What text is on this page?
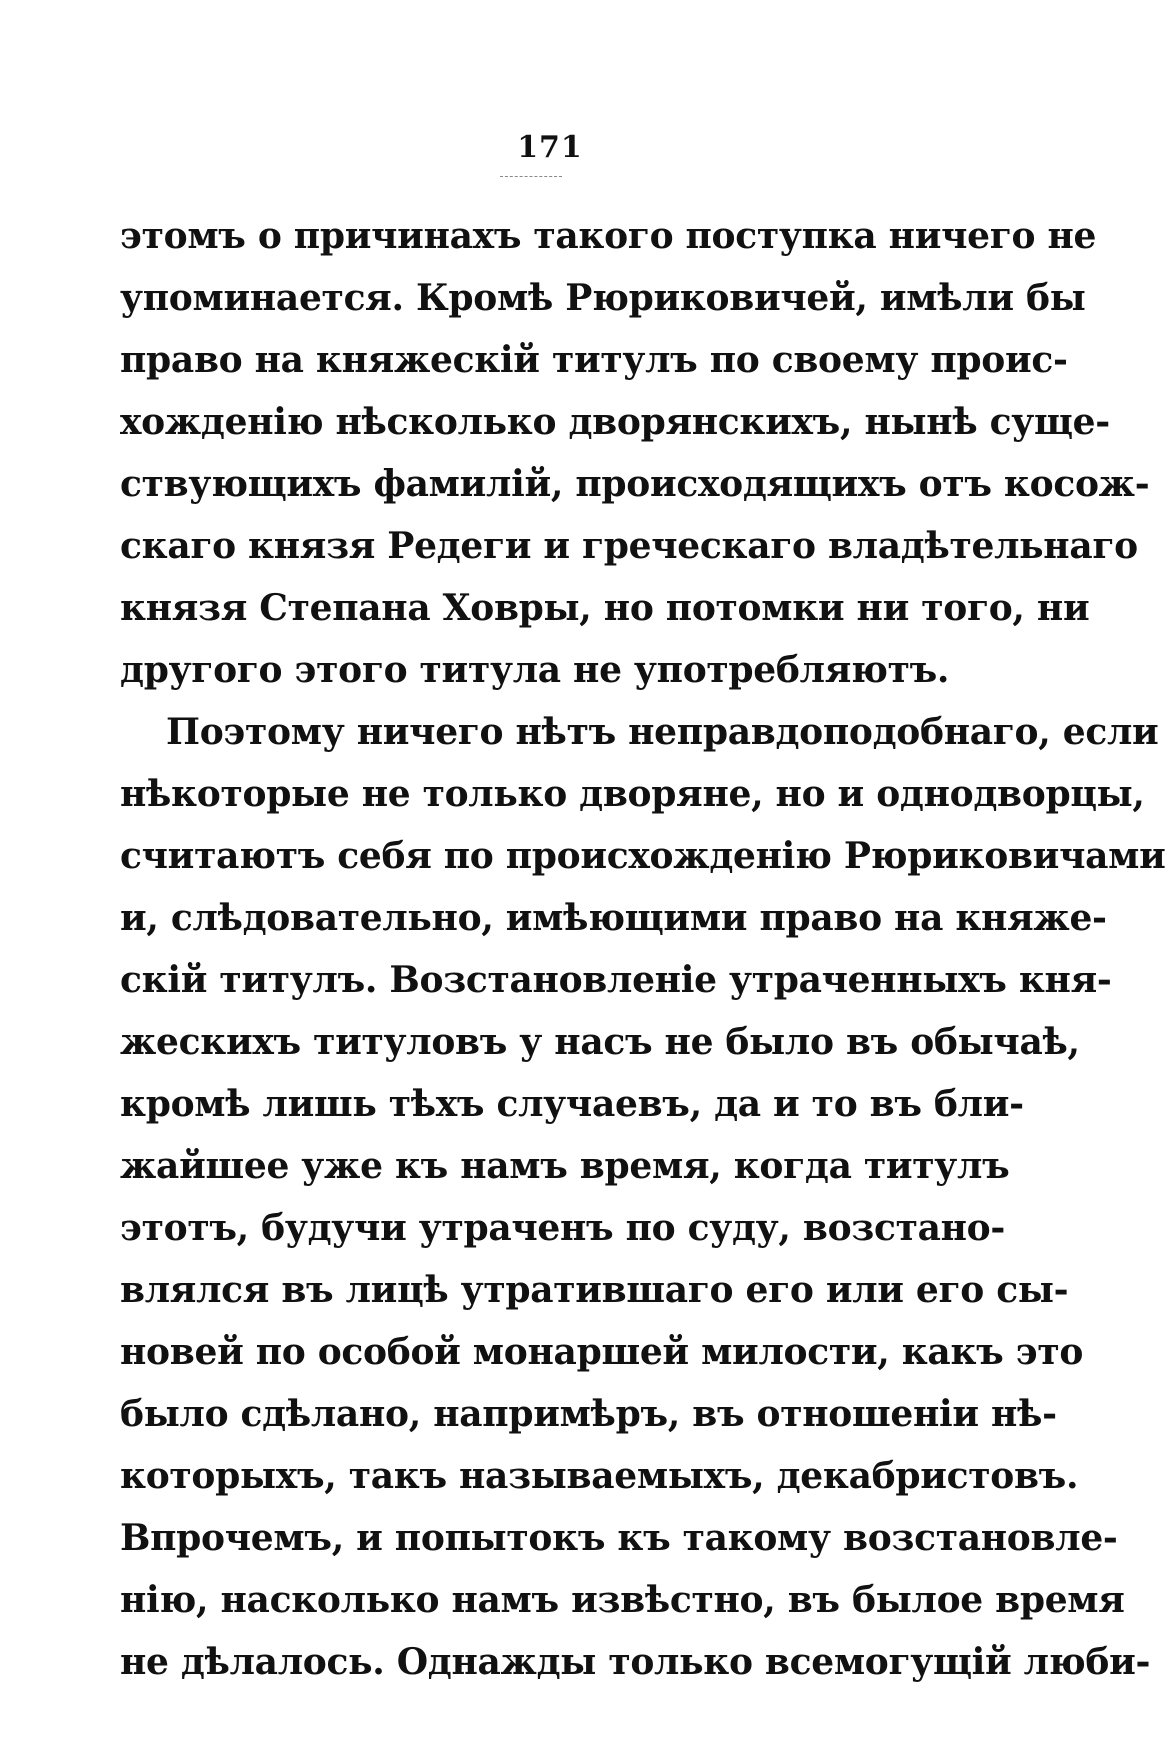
171
этомъ о причинахъ такого поступка ничего не
упоминается. Кромѣ Рюриковичей, имѣли бы
право на княжескій титулъ по своему проис-
хожденію нѣсколько дворянскихъ, нынѣ суще-
ствующихъ фамилій, происходящихъ отъ косож-
скаго князя Редеги и греческаго владѣтельнаго
князя Степана Ховры, но потомки ни того, ни
другого этого титула не употребляютъ.
Поэтому ничего нѣтъ неправдоподобнаго, если
нѣкоторые не только дворяне, но и однодворцы,
считаютъ себя по происхожденію Рюриковичами
и, слѣдовательно, имѣющими право на княже-
скій титулъ. Возстановленіе утраченныхъ кня-
жескихъ титуловъ у насъ не было въ обычаѣ,
кромѣ лишь тѣхъ случаевъ, да и то въ бли-
жайшее уже къ намъ время, когда титулъ
этотъ, будучи утраченъ по суду, возстано-
влялся въ лицѣ утратившаго его или его сы-
новей по особой монаршей милости, какъ это
было сдѣлано, напримѣръ, въ отношеніи нѣ-
которыхъ, такъ называемыхъ, декабристовъ.
Впрочемъ, и попытокъ къ такому возстановле-
нію, насколько намъ извѣстно, въ былое время
не дѣлалось. Однажды только всемогущій люби-
